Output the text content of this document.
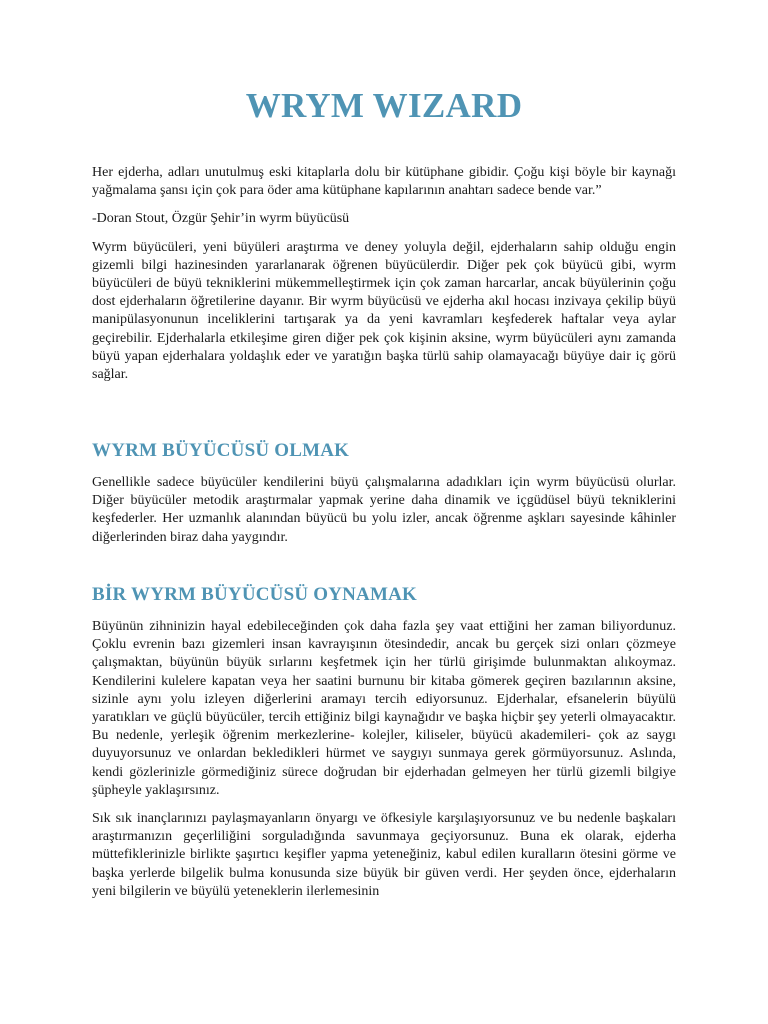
WRYM WIZARD

Her ejderha, adları unutulmuş eski kitaplarla dolu bir kütüphane gibidir. Çoğu kişi böyle bir kaynağı yağmalama şansı için çok para öder ama kütüphane kapılarının anahtarı sadece bende var.”

-Doran Stout, Özgür Şehir’in wyrm büyücüsü

Wyrm büyücüleri, yeni büyüleri araştırma ve deney yoluyla değil, ejderhaların sahip olduğu engin gizemli bilgi hazinesinden yararlanarak öğrenen büyücülerdir. Diğer pek çok büyücü gibi, wyrm büyücüleri de büyü tekniklerini mükemmelleştirmek için çok zaman harcarlar, ancak büyülerinin çoğu dost ejderhaların öğretilerine dayanır. Bir wyrm büyücüsü ve ejderha akıl hocası inzivaya çekilip büyü manipülasyonunun inceliklerini tartışarak ya da yeni kavramları keşfederek haftalar veya aylar geçirebilir. Ejderhalarla etkileşime giren diğer pek çok kişinin aksine, wyrm büyücüleri aynı zamanda büyü yapan ejderhalara yoldaşlık eder ve yaratığın başka türlü sahip olamayacağı büyüye dair iç görü sağlar.

WYRM BÜYÜCÜSÜ OLMAK

Genellikle sadece büyücüler kendilerini büyü çalışmalarına adadıkları için wyrm büyücüsü olurlar. Diğer büyücüler metodik araştırmalar yapmak yerine daha dinamik ve içgüdüsel büyü tekniklerini keşfederler. Her uzmanlık alanından büyücü bu yolu izler, ancak öğrenme aşkları sayesinde kâhinler diğerlerinden biraz daha yaygındır.

BİR WYRM BÜYÜCÜSÜ OYNAMAK

Büyünün zihninizin hayal edebileceğinden çok daha fazla şey vaat ettiğini her zaman biliyordunuz. Çoklu evrenin bazı gizemleri insan kavrayışının ötesindedir, ancak bu gerçek sizi onları çözmeye çalışmaktan, büyünün büyük sırlarını keşfetmek için her türlü girişimde bulunmaktan alıkoymaz. Kendilerini kulelere kapatan veya her saatini burnunu bir kitaba gömerek geçiren bazılarının aksine, sizinle aynı yolu izleyen diğerlerini aramayı tercih ediyorsunuz. Ejderhalar, efsanelerin büyülü yaratıkları ve güçlü büyücüler, tercih ettiğiniz bilgi kaynağıdır ve başka hiçbir şey yeterli olmayacaktır. Bu nedenle, yerleşik öğrenim merkezlerine- kolejler, kiliseler, büyücü akademileri- çok az saygı duyuyorsunuz ve onlardan bekledikleri hürmet ve saygıyı sunmaya gerek görmüyorsunuz. Aslında, kendi gözlerinizle görmediğiniz sürece doğrudan bir ejderhadan gelmeyen her türlü gizemli bilgiye şüpheyle yaklaşırsınız.

Sık sık inançlarınızı paylaşmayanların önyargı ve öfkesiyle karşılaşıyorsunuz ve bu nedenle başkaları araştırmanızın geçerliliğini sorguladığında savunmaya geçiyorsunuz. Buna ek olarak, ejderha müttefiklerinizle birlikte şaşırtıcı keşifler yapma yeteneğiniz, kabul edilen kuralların ötesini görme ve başka yerlerde bilgelik bulma konusunda size büyük bir güven verdi. Her şeyden önce, ejderhaların yeni bilgilerin ve büyülü yeteneklerin ilerlemesinin
